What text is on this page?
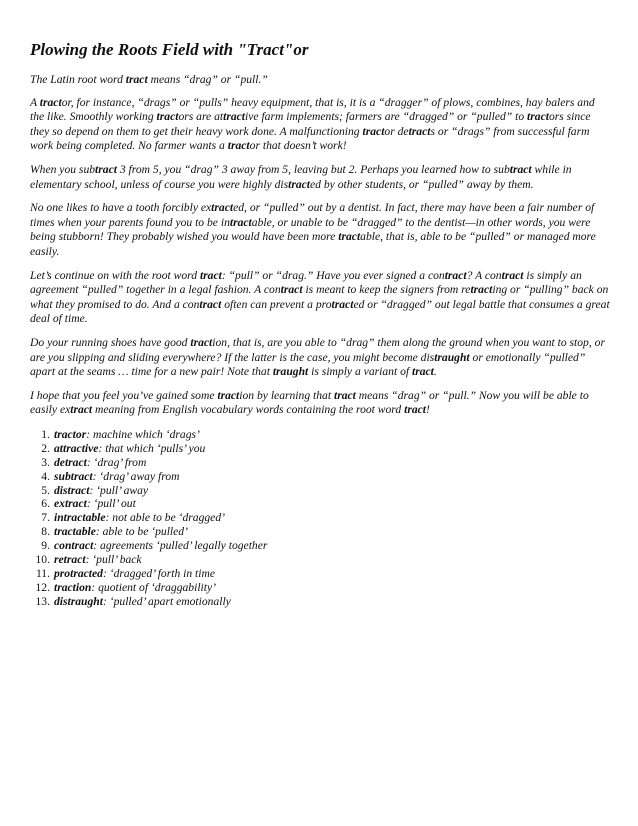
Plowing the Roots Field with "Tract"or

The Latin root word tract means “drag” or “pull.”

A tractor, for instance, “drags” or “pulls” heavy equipment, that is, it is a “dragger” of plows, combines, hay balers and the like. Smoothly working tractors are attractive farm implements; farmers are “dragged” or “pulled” to tractors since they so depend on them to get their heavy work done. A malfunctioning tractor detracts or “drags” from successful farm work being completed. No farmer wants a tractor that doesn’t work!

When you subtract 3 from 5, you “drag” 3 away from 5, leaving but 2. Perhaps you learned how to subtract while in elementary school, unless of course you were highly distracted by other students, or “pulled” away by them.

No one likes to have a tooth forcibly extracted, or “pulled” out by a dentist. In fact, there may have been a fair number of times when your parents found you to be intractable, or unable to be “dragged” to the dentist—in other words, you were being stubborn! They probably wished you would have been more tractable, that is, able to be “pulled” or managed more easily.

Let’s continue on with the root word tract: “pull” or “drag.” Have you ever signed a contract? A contract is simply an agreement “pulled” together in a legal fashion. A contract is meant to keep the signers from retracting or “pulling” back on what they promised to do. And a contract often can prevent a protracted or “dragged” out legal battle that consumes a great deal of time.

Do your running shoes have good traction, that is, are you able to “drag” them along the ground when you want to stop, or are you slipping and sliding everywhere? If the latter is the case, you might become distraught or emotionally “pulled” apart at the seams … time for a new pair! Note that traught is simply a variant of tract.

I hope that you feel you’ve gained some traction by learning that tract means “drag” or “pull.” Now you will be able to easily extract meaning from English vocabulary words containing the root word tract!

1. tractor: machine which ‘drags’
2. attractive: that which ‘pulls’ you
3. detract: ‘drag’ from
4. subtract: ‘drag’ away from
5. distract: ‘pull’ away
6. extract: ‘pull’ out
7. intractable: not able to be ‘dragged’
8. tractable: able to be ‘pulled’
9. contract: agreements ‘pulled’ legally together
10. retract: ‘pull’ back
11. protracted: ‘dragged’ forth in time
12. traction: quotient of ‘draggability’
13. distraught: ‘pulled’ apart emotionally
